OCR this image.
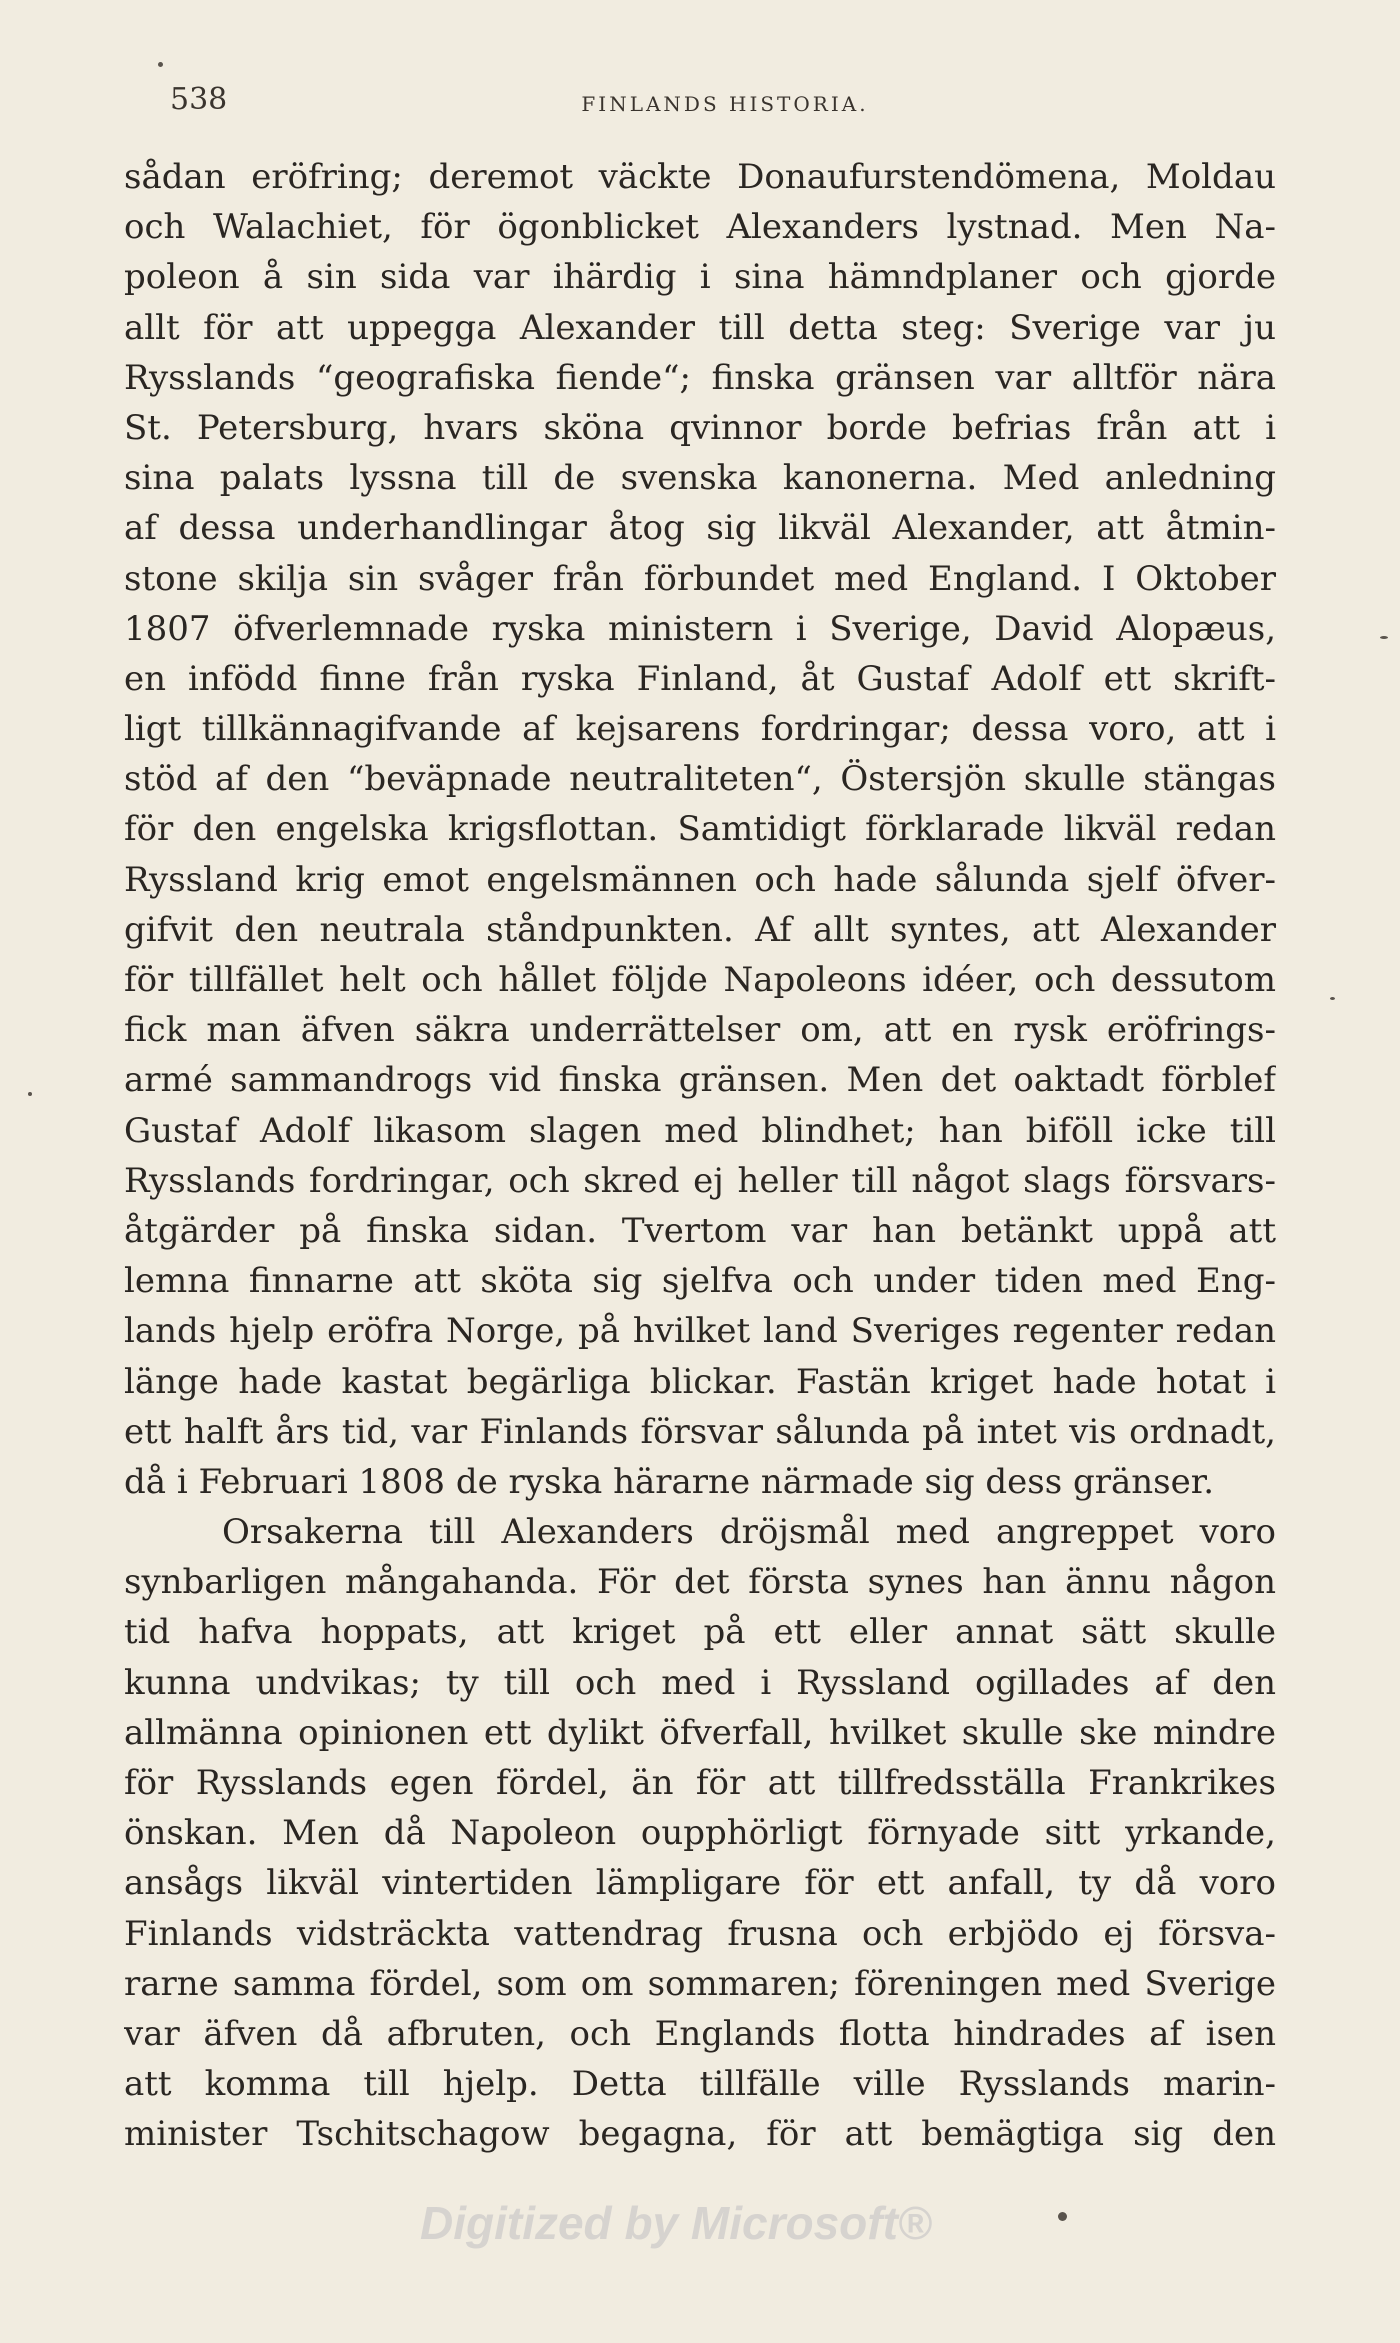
538	FINLANDS HISTORIA.
sådan eröfring; deremot väckte Donaufurstendömena, Moldau
och Walachiet, för ögonblicket Alexanders lystnad. Men Na-
poleon å sin sida var ihärdig i sina hämndplaner och gjorde
allt för att uppegga Alexander till detta steg: Sverige var ju
Rysslands “geografiska fiende“; finska gränsen var alltför nära
St. Petersburg, hvars sköna qvinnor borde befrias från att i
sina palats lyssna till de svenska kanonerna. Med anledning
af dessa underhandlingar åtog sig likväl Alexander, att åtmin-
stone skilja sin svåger från förbundet med England. I Oktober
1807 öfverlemnade ryska ministern i Sverige, David Alopæus,
en infödd finne från ryska Finland, åt Gustaf Adolf ett skrift-
ligt tillkännagifvande af kejsarens fordringar; dessa voro, att i
stöd af den “beväpnade neutraliteten“, Östersjön skulle stängas
för den engelska krigsflottan. Samtidigt förklarade likväl redan
Ryssland krig emot engelsmännen och hade sålunda sjelf öfver-
gifvit den neutrala ståndpunkten. Af allt syntes, att Alexander
för tillfället helt och hållet följde Napoleons idéer, och dessutom
fick man äfven säkra underrättelser om, att en rysk eröfrings-
armé sammandrogs vid finska gränsen. Men det oaktadt förblef
Gustaf Adolf likasom slagen med blindhet; han biföll icke till
Rysslands fordringar, och skred ej heller till något slags försvars-
åtgärder på finska sidan. Tvertom var han betänkt uppå att
lemna finnarne att sköta sig sjelfva och under tiden med Eng-
lands hjelp eröfra Norge, på hvilket land Sveriges regenter redan
länge hade kastat begärliga blickar. Fastän kriget hade hotat i
ett halft års tid, var Finlands försvar sålunda på intet vis ordnadt,
då i Februari 1808 de ryska härarne närmade sig dess gränser.
Orsakerna till Alexanders dröjsmål med angreppet voro
synbarligen mångahanda. För det första synes han ännu någon
tid hafva hoppats, att kriget på ett eller annat sätt skulle
kunna undvikas; ty till och med i Ryssland ogillades af den
allmänna opinionen ett dylikt öfverfall, hvilket skulle ske mindre
för Rysslands egen fördel, än för att tillfredsställa Frankrikes
önskan. Men då Napoleon oupphörligt förnyade sitt yrkande,
ansågs likväl vintertiden lämpligare för ett anfall, ty då voro
Finlands vidsträckta vattendrag frusna och erbjödo ej försva-
rarne samma fördel, som om sommaren; föreningen med Sverige
var äfven då afbruten, och Englands flotta hindrades af isen
att komma till hjelp. Detta tillfälle ville Rysslands marin-
minister Tschitschagow begagna, för att bemägtiga sig den
Digitized by Microsoft®
